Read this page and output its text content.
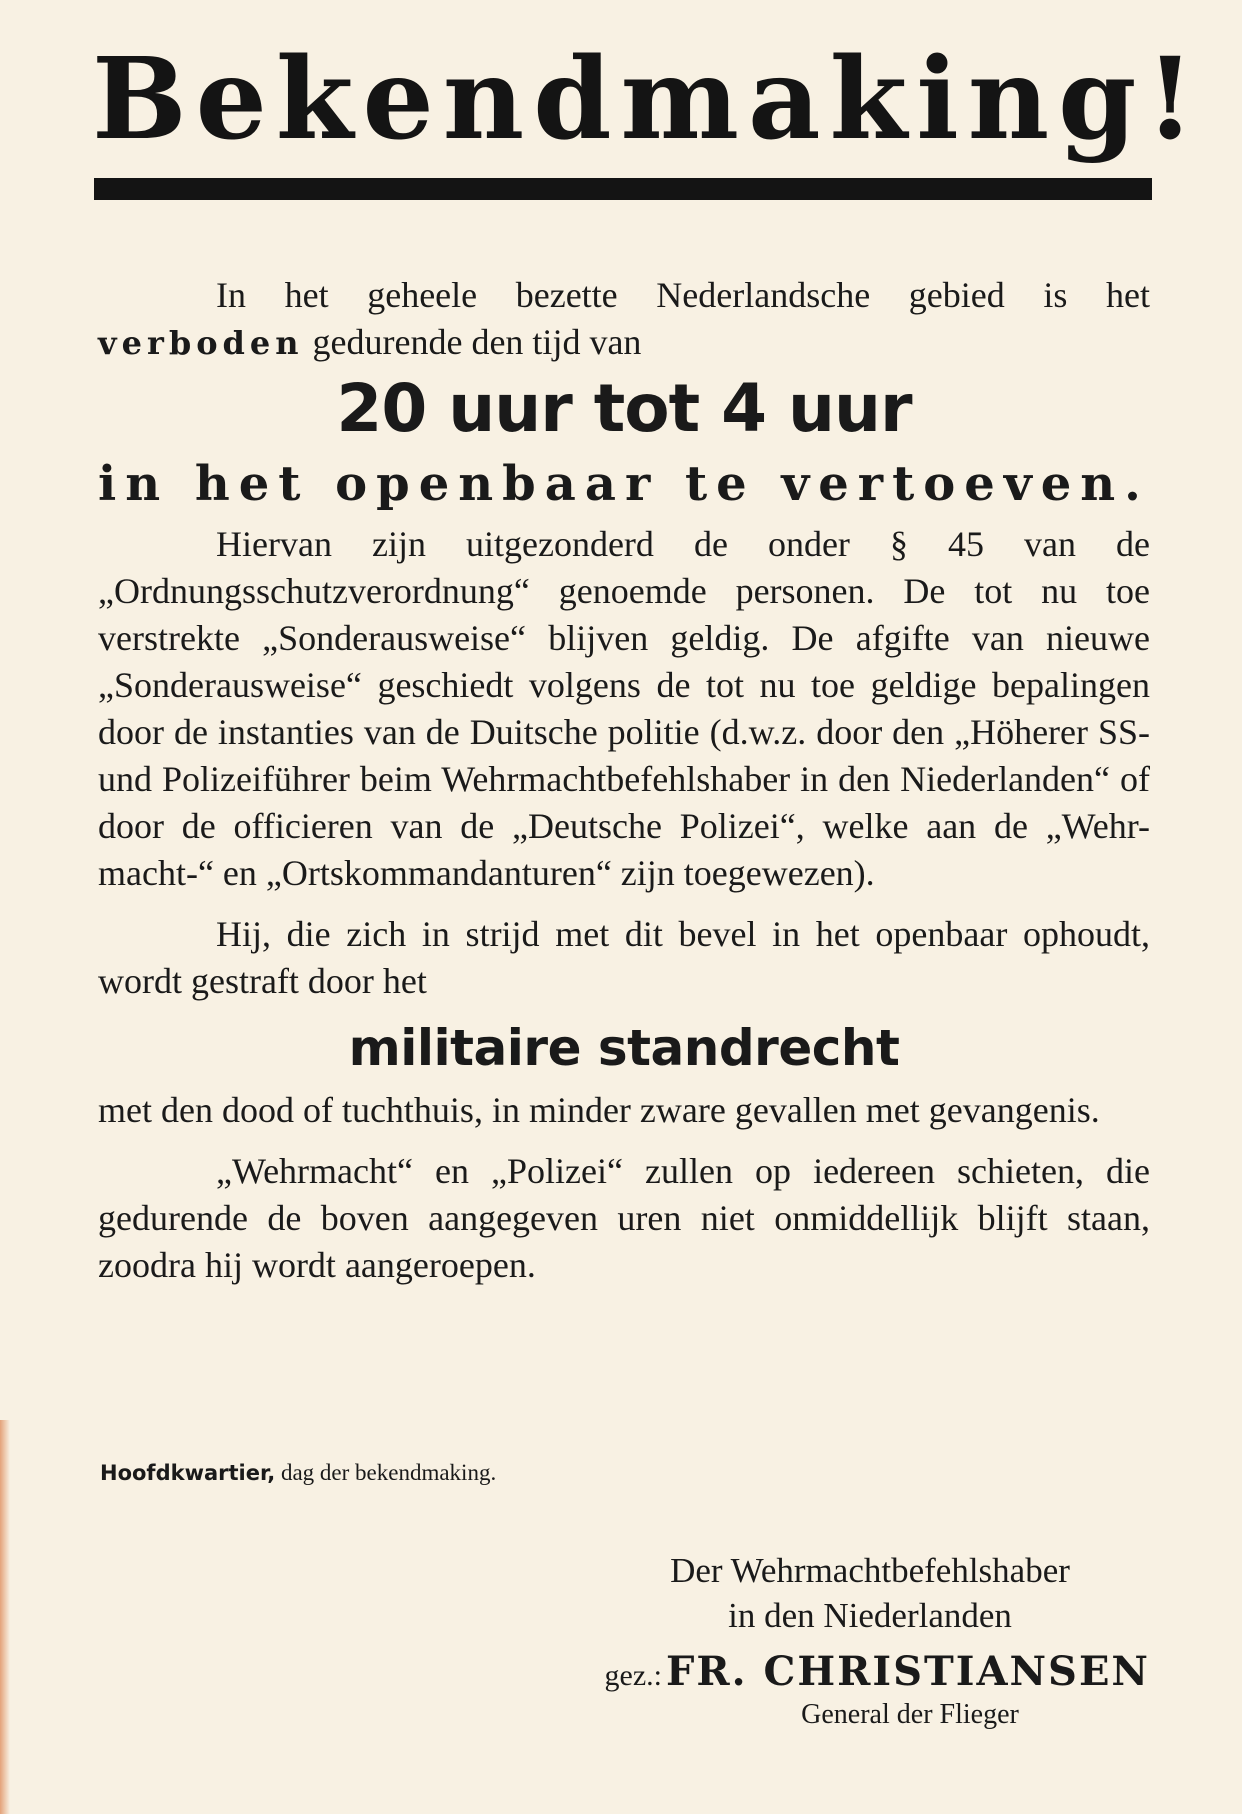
Bekendmaking!

In het geheele bezette Nederlandsche gebied is het verboden gedurende den tijd van

20 uur tot 4 uur

in het openbaar te vertoeven.

Hiervan zijn uitgezonderd de onder § 45 van de „Ordnungsschutzverordnung“ genoemde personen. De tot nu toe verstrekte „Sonderausweise“ blijven geldig. De afgifte van nieuwe „Sonderausweise“ geschiedt volgens de tot nu toe geldige bepalingen door de instanties van de Duitsche politie (d.w.z. door den „Höherer SS- und Polizeiführer beim Wehrmachtbefehlshaber in den Niederlanden“ of door de officieren van de „Deutsche Polizei“, welke aan de „Wehr-macht-“ en „Ortskommandanturen“ zijn toegewezen).

Hij, die zich in strijd met dit bevel in het openbaar ophoudt, wordt gestraft door het

militaire standrecht

met den dood of tuchthuis, in minder zware gevallen met gevangenis.

„Wehrmacht“ en „Polizei“ zullen op iedereen schieten, die gedurende de boven aangegeven uren niet onmiddellijk blijft staan, zoodra hij wordt aangeroepen.

Hoofdkwartier, dag der bekendmaking.
Der Wehrmachtbefehlshaber
in den Niederlanden
gez.: FR. CHRISTIANSEN
General der Flieger
